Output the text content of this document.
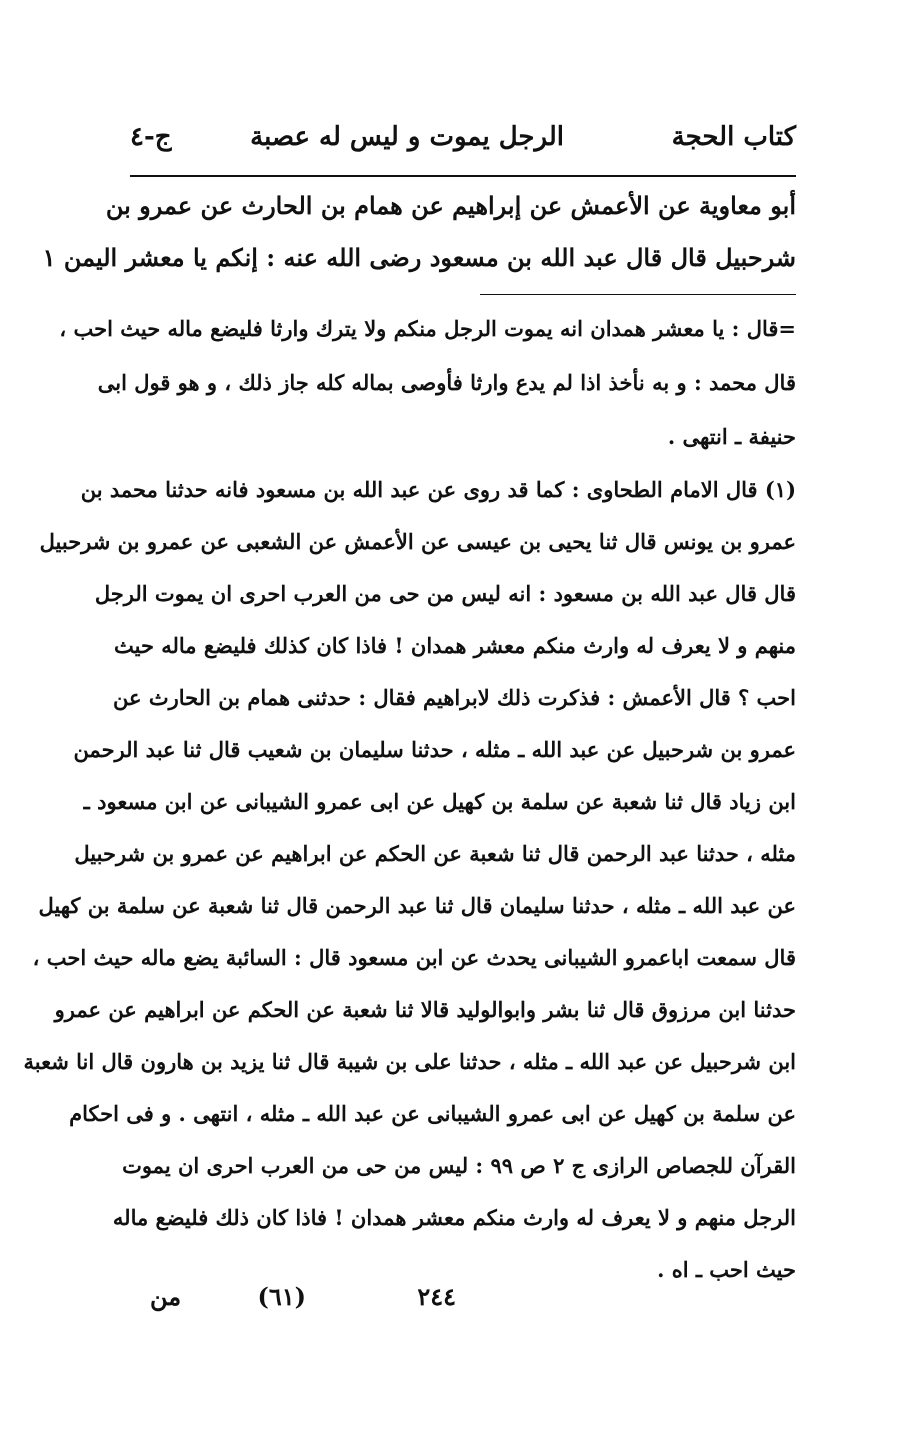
كتاب الحجة
الرجل يموت و ليس له عصبة
ج-٤
أبو معاوية عن الأعمش عن إبراهيم عن همام بن الحارث عن عمرو بن
شرحبيل قال قال عبد الله بن مسعود رضى الله عنه : إنكم يا معشر اليمن ١
=قال : يا معشر همدان انه يموت الرجل منكم ولا يترك وارثا فليضع ماله حيث احب ،
قال محمد : و به نأخذ اذا لم يدع وارثا فأوصى بماله كله جاز ذلك ، و هو قول ابى
حنيفة ـ انتهى .
(١) قال الامام الطحاوى : كما قد روى عن عبد الله بن مسعود فانه حدثنا محمد بن
عمرو بن يونس قال ثنا يحيى بن عيسى عن الأعمش عن الشعبى عن عمرو بن شرحبيل
قال قال عبد الله بن مسعود : انه ليس من حى من العرب احرى ان يموت الرجل
منهم و لا يعرف له وارث منكم معشر همدان ! فاذا كان كذلك فليضع ماله حيث
احب ؟ قال الأعمش : فذكرت ذلك لابراهيم فقال : حدثنى همام بن الحارث عن
عمرو بن شرحبيل عن عبد الله ـ مثله ، حدثنا سليمان بن شعيب قال ثنا عبد الرحمن
ابن زياد قال ثنا شعبة عن سلمة بن كهيل عن ابى عمرو الشيبانى عن ابن مسعود ـ
مثله ، حدثنا عبد الرحمن قال ثنا شعبة عن الحكم عن ابراهيم عن عمرو بن شرحبيل
عن عبد الله ـ مثله ، حدثنا سليمان قال ثنا عبد الرحمن قال ثنا شعبة عن سلمة بن كهيل
قال سمعت اباعمرو الشيبانى يحدث عن ابن مسعود قال : السائبة يضع ماله حيث احب ،
حدثنا ابن مرزوق قال ثنا بشر وابوالوليد قالا ثنا شعبة عن الحكم عن ابراهيم عن عمرو
ابن شرحبيل عن عبد الله ـ مثله ، حدثنا على بن شيبة قال ثنا يزيد بن هارون قال انا شعبة
عن سلمة بن كهيل عن ابى عمرو الشيبانى عن عبد الله ـ مثله ، انتهى . و فى احكام
القرآن للجصاص الرازى ج ٢ ص ٩٩ : ليس من حى من العرب احرى ان يموت
الرجل منهم و لا يعرف له وارث منكم معشر همدان ! فاذا كان ذلك فليضع ماله
حيث احب ـ اه .
٢٤٤
(٦١)
من
